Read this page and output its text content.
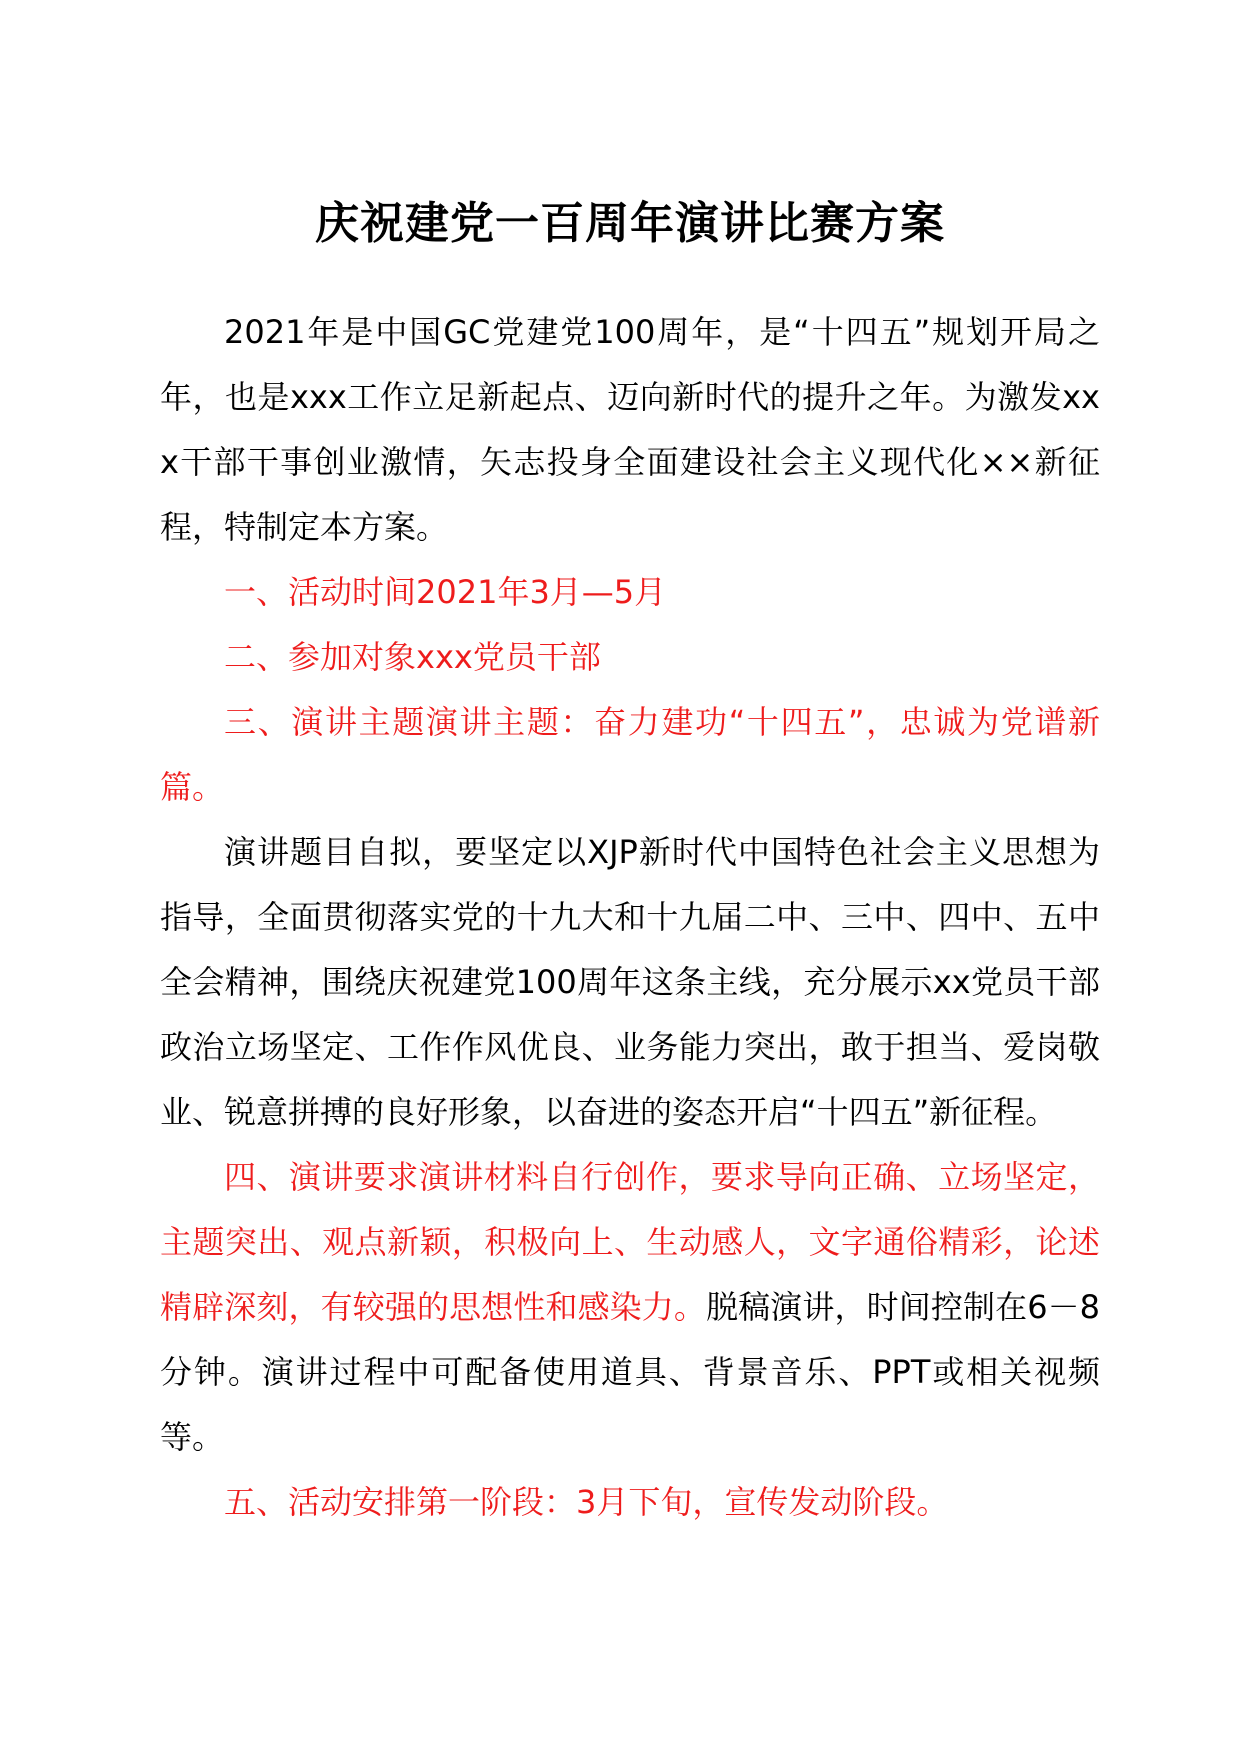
庆祝建党一百周年演讲比赛方案

2021年是中国GC党建党100周年，是“十四五”规划开局之年，也是xxx工作立足新起点、迈向新时代的提升之年。为激发xxx干部干事创业激情，矢志投身全面建设社会主义现代化××新征程，特制定本方案。

一、活动时间2021年3月—5月

二、参加对象xxx党员干部

三、演讲主题演讲主题：奋力建功“十四五”，忠诚为党谱新篇。

演讲题目自拟，要坚定以XJP新时代中国特色社会主义思想为指导，全面贯彻落实党的十九大和十九届二中、三中、四中、五中全会精神，围绕庆祝建党100周年这条主线，充分展示xx党员干部政治立场坚定、工作作风优良、业务能力突出，敢于担当、爱岗敬业、锐意拼搏的良好形象，以奋进的姿态开启“十四五”新征程。

四、演讲要求演讲材料自行创作，要求导向正确、立场坚定，主题突出、观点新颖，积极向上、生动感人，文字通俗精彩，论述精辟深刻，有较强的思想性和感染力。脱稿演讲，时间控制在6－8分钟。演讲过程中可配备使用道具、背景音乐、PPT或相关视频等。

五、活动安排第一阶段：3月下旬，宣传发动阶段。
